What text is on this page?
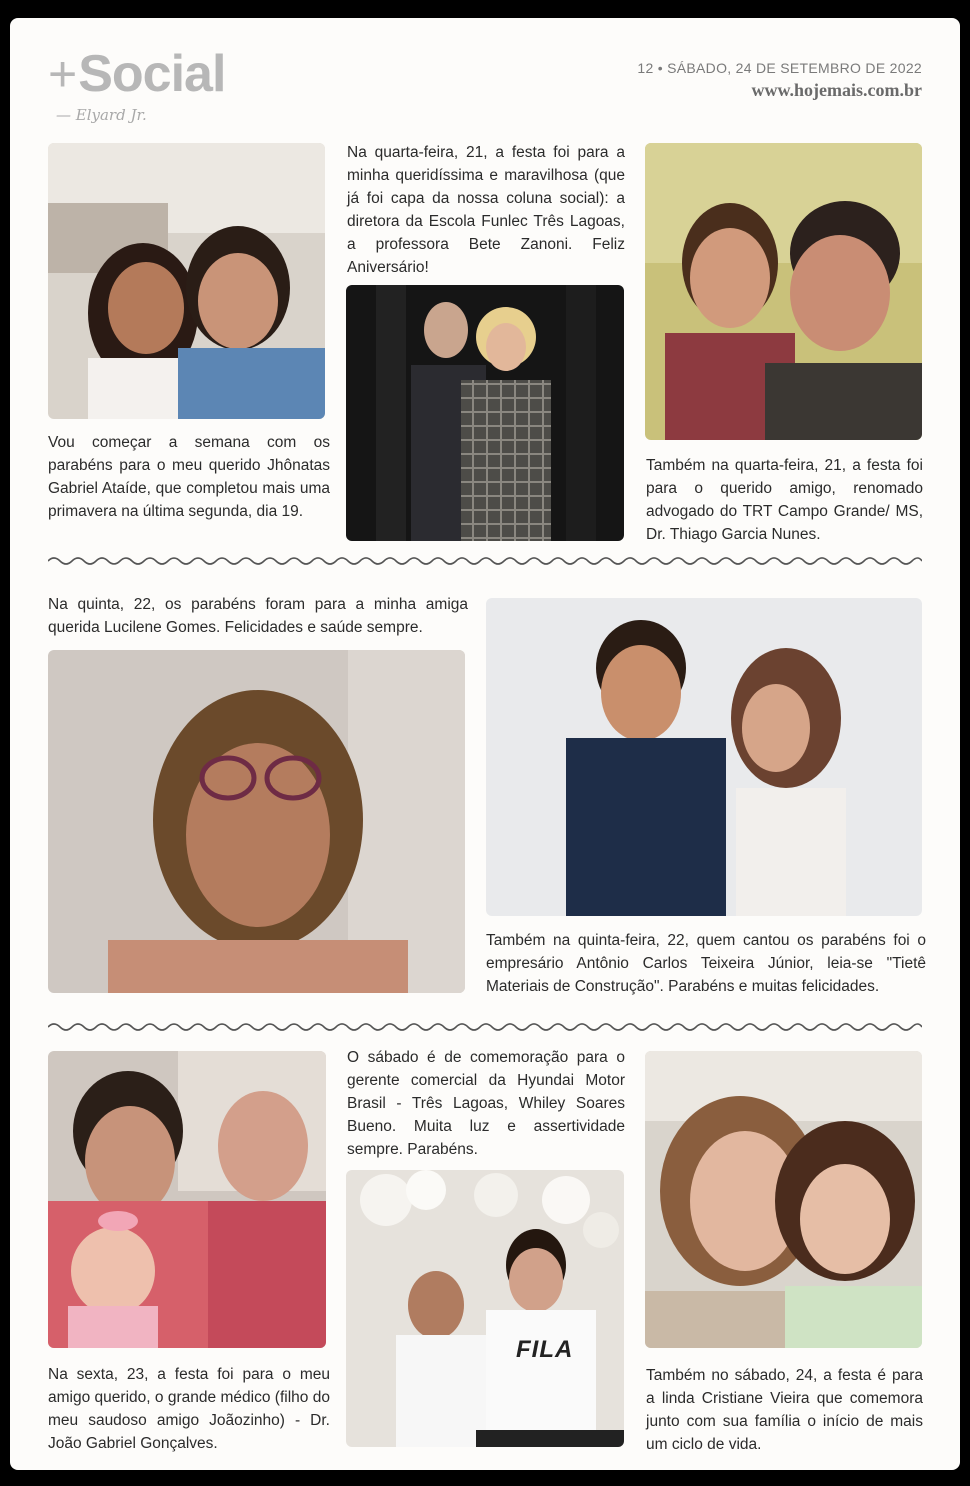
+Social
— Elyard Jr.
12 • SÁBADO, 24 DE SETEMBRO DE 2022
www.hojemais.com.br

Vou começar a semana com os parabéns para o meu querido Jhônatas Gabriel Ataíde, que completou mais uma primavera na última segunda, dia 19.

Na quarta-feira, 21, a festa foi para a minha queridíssima e maravilhosa (que já foi capa da nossa coluna social): a diretora da Escola Funlec Três Lagoas, a professora Bete Zanoni. Feliz Aniversário!

Também na quarta-feira, 21, a festa foi para o querido amigo, renomado advogado do TRT Campo Grande/ MS, Dr. Thiago Garcia Nunes.

Na quinta, 22, os parabéns foram para a minha amiga querida Lucilene Gomes. Felicidades e saúde sempre.

Também na quinta-feira, 22, quem cantou os parabéns foi o empresário Antônio Carlos Teixeira Júnior, leia-se "Tietê Materiais de Construção". Parabéns e muitas felicidades.

Na sexta, 23, a festa foi para o meu amigo querido, o grande médico (filho do meu saudoso amigo Joãozinho) - Dr. João Gabriel Gonçalves.

O sábado é de comemoração para o gerente comercial da Hyundai Motor Brasil - Três Lagoas, Whiley Soares Bueno. Muita luz e assertividade sempre. Parabéns.

FILA

Também no sábado, 24, a festa é para a linda Cristiane Vieira que comemora junto com sua família o início de mais um ciclo de vida.
